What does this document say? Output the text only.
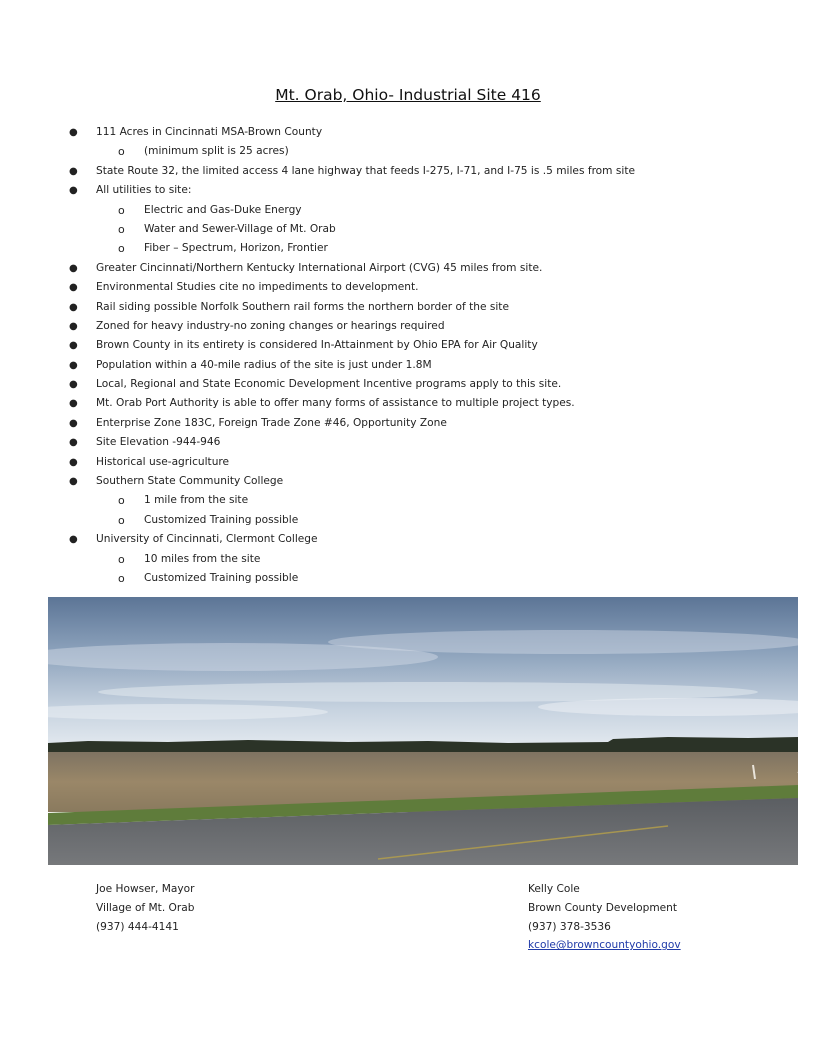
Mt. Orab, Ohio- Industrial Site 416
● 111 Acres in Cincinnati MSA-Brown County
o (minimum split is 25 acres)
● State Route 32, the limited access 4 lane highway that feeds I-275, I-71, and I-75 is .5 miles from site
● All utilities to site:
o Electric and Gas-Duke Energy
o Water and Sewer-Village of Mt. Orab
o Fiber – Spectrum, Horizon, Frontier
● Greater Cincinnati/Northern Kentucky International Airport (CVG) 45 miles from site.
● Environmental Studies cite no impediments to development.
● Rail siding possible Norfolk Southern rail forms the northern border of the site
● Zoned for heavy industry-no zoning changes or hearings required
● Brown County in its entirety is considered In-Attainment by Ohio EPA for Air Quality
● Population within a 40-mile radius of the site is just under 1.8M
● Local, Regional and State Economic Development Incentive programs apply to this site.
● Mt. Orab Port Authority is able to offer many forms of assistance to multiple project types.
● Enterprise Zone 183C, Foreign Trade Zone #46, Opportunity Zone
● Site Elevation -944-946
● Historical use-agriculture
● Southern State Community College
o 1 mile from the site
o Customized Training possible
● University of Cincinnati, Clermont College
o 10 miles from the site
o Customized Training possible
Joe Howser, Mayor
Village of Mt. Orab
(937) 444-4141
Kelly Cole
Brown County Development
(937) 378-3536
kcole@browncountyohio.gov
